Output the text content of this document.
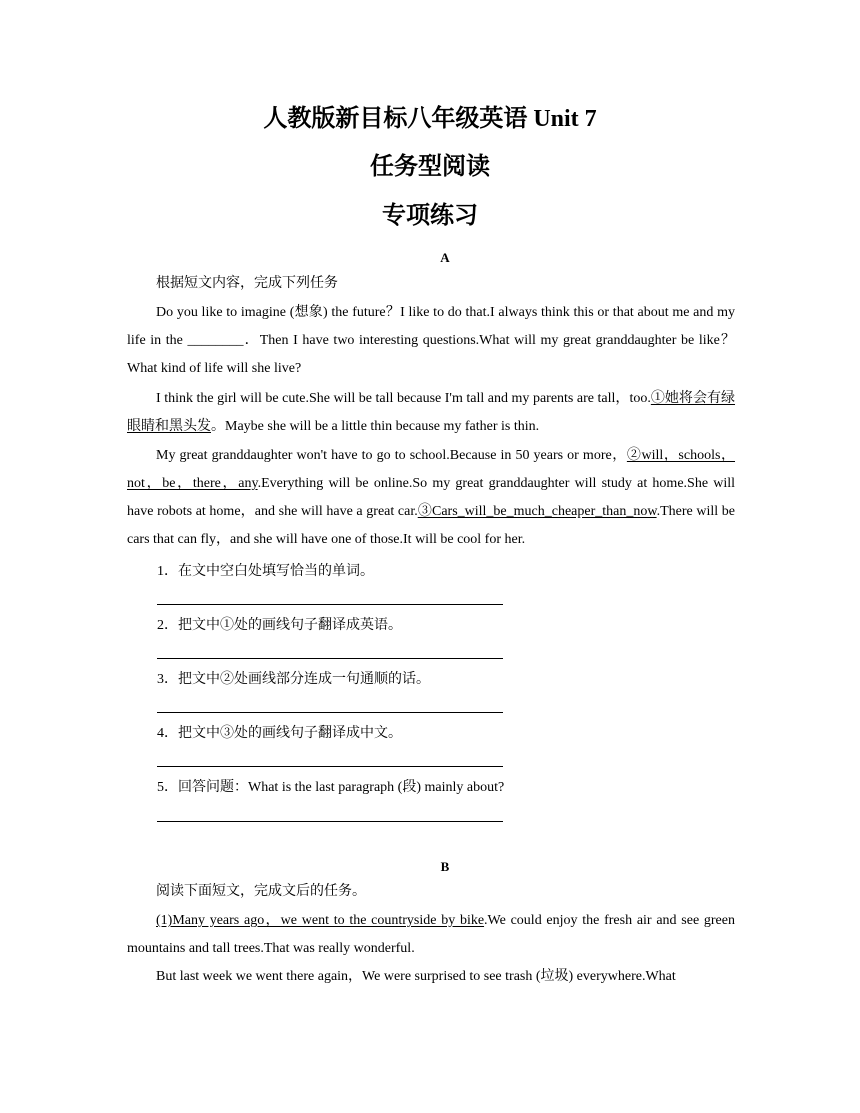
人教版新目标八年级英语 Unit 7
任务型阅读
专项练习
A
根据短文内容，完成下列任务
Do you like to imagine (想象) the future？I like to do that.I always think this or that about me and my life in the ________．Then I have two interesting questions.What will my great granddaughter be like？What kind of life will she live?
I think the girl will be cute.She will be tall because I'm tall and my parents are tall，too.①她将会有绿眼睛和黑头发。Maybe she will be a little thin because my father is thin.
My great granddaughter won't have to go to school.Because in 50 years or more，②will，schools，not，be，there，any.Everything will be online.So my great granddaughter will study at home.She will have robots at home，and she will have a great car.③Cars_will_be_much_cheaper_than_now.There will be cars that can fly，and she will have one of those.It will be cool for her.
1．在文中空白处填写恰当的单词。
2．把文中①处的画线句子翻译成英语。
3．把文中②处画线部分连成一句通顺的话。
4．把文中③处的画线句子翻译成中文。
5．回答问题：What is the last paragraph (段) mainly about?
B
阅读下面短文，完成文后的任务。
(1)Many years ago，we went to the countryside by bike.We could enjoy the fresh air and see green mountains and tall trees.That was really wonderful.
But last week we went there again，We were surprised to see trash (垃圾) everywhere.What
